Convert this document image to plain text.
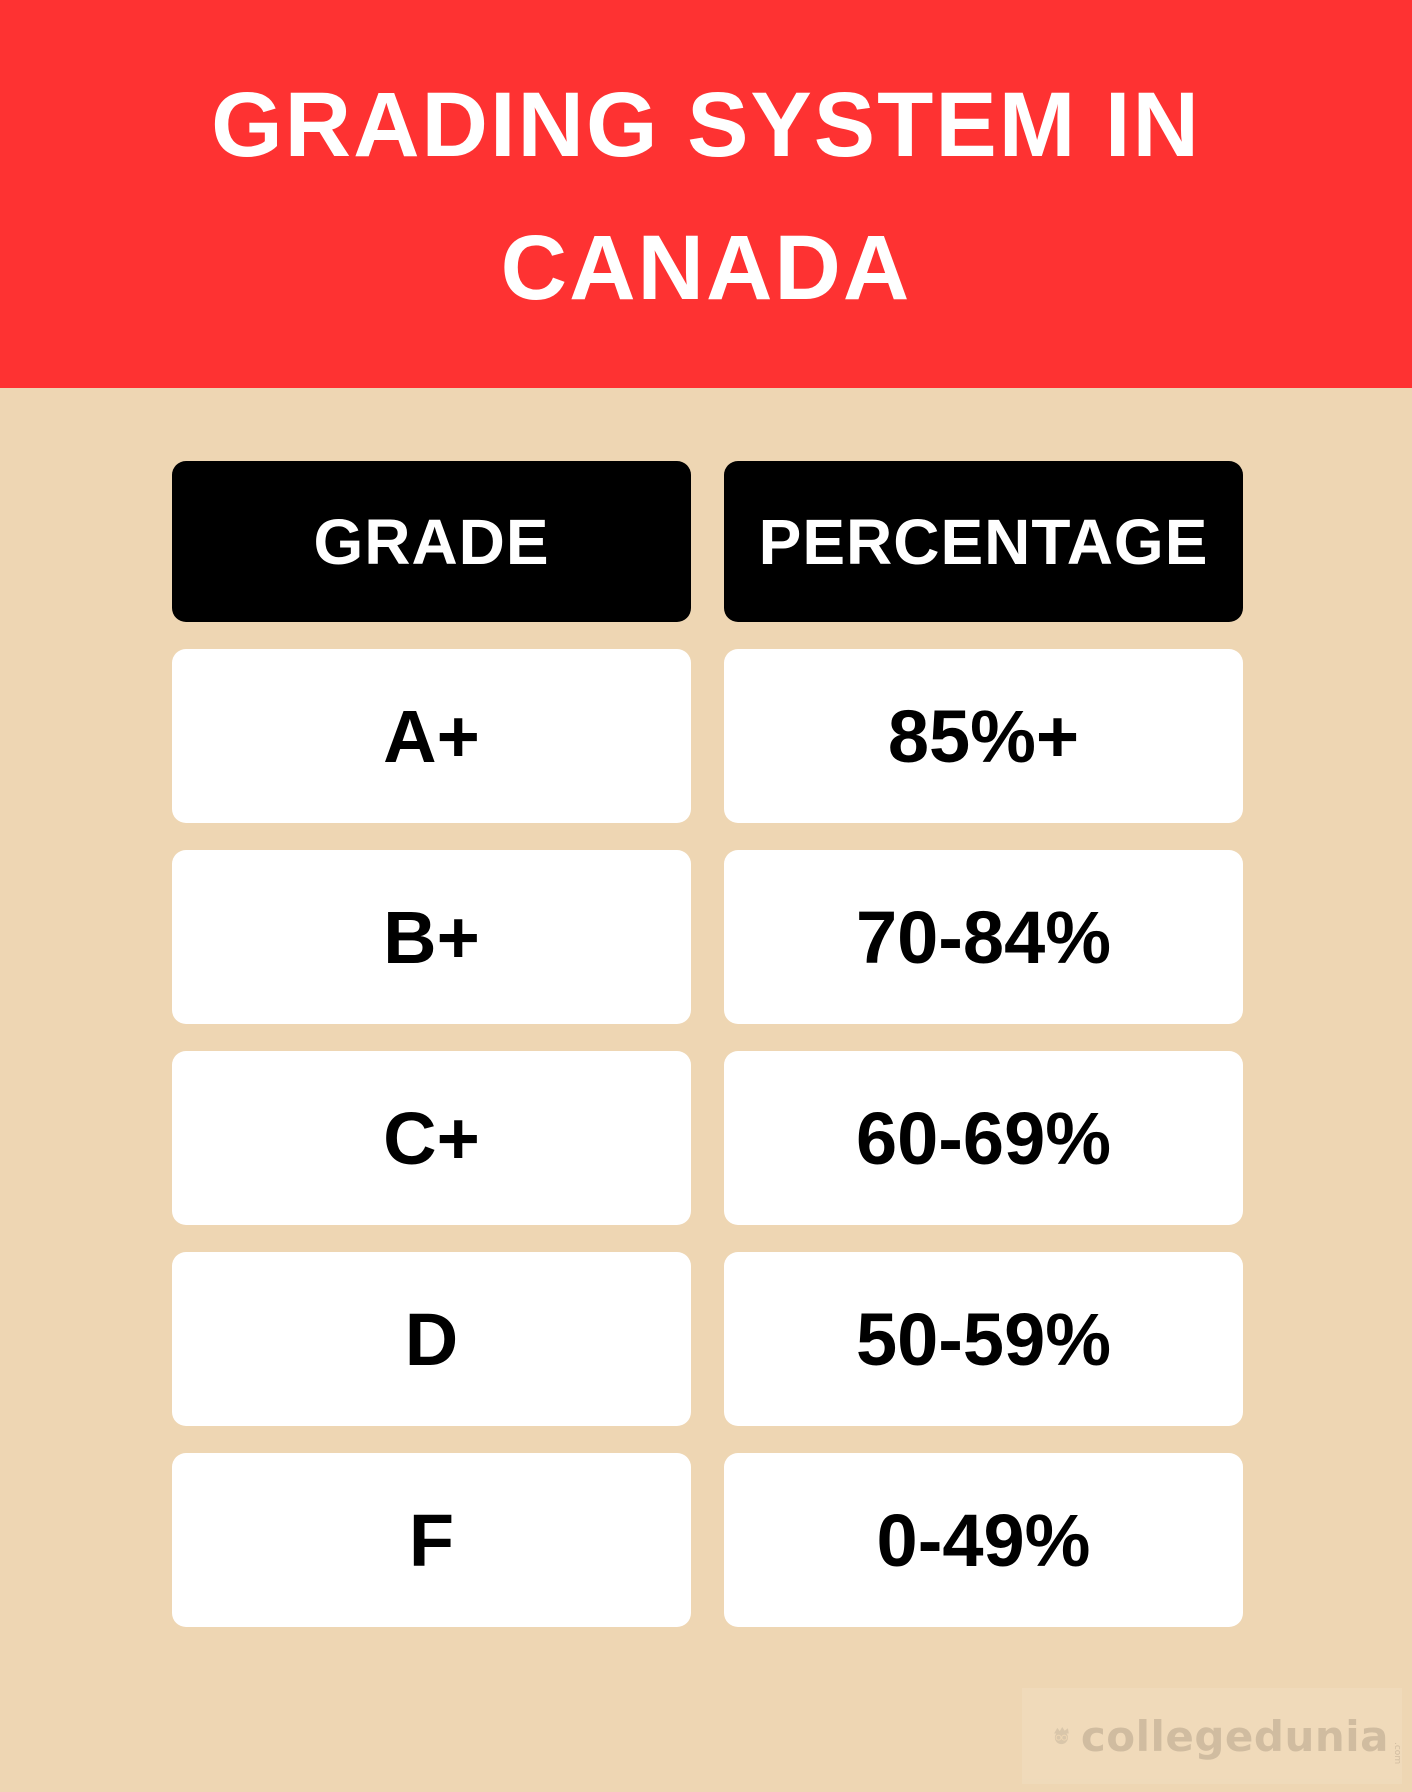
GRADING SYSTEM IN
CANADA
GRADE	PERCENTAGE
A+	85%+
B+	70-84%
C+	60-69%
D	50-59%
F	0-49%
collegedunia .com
